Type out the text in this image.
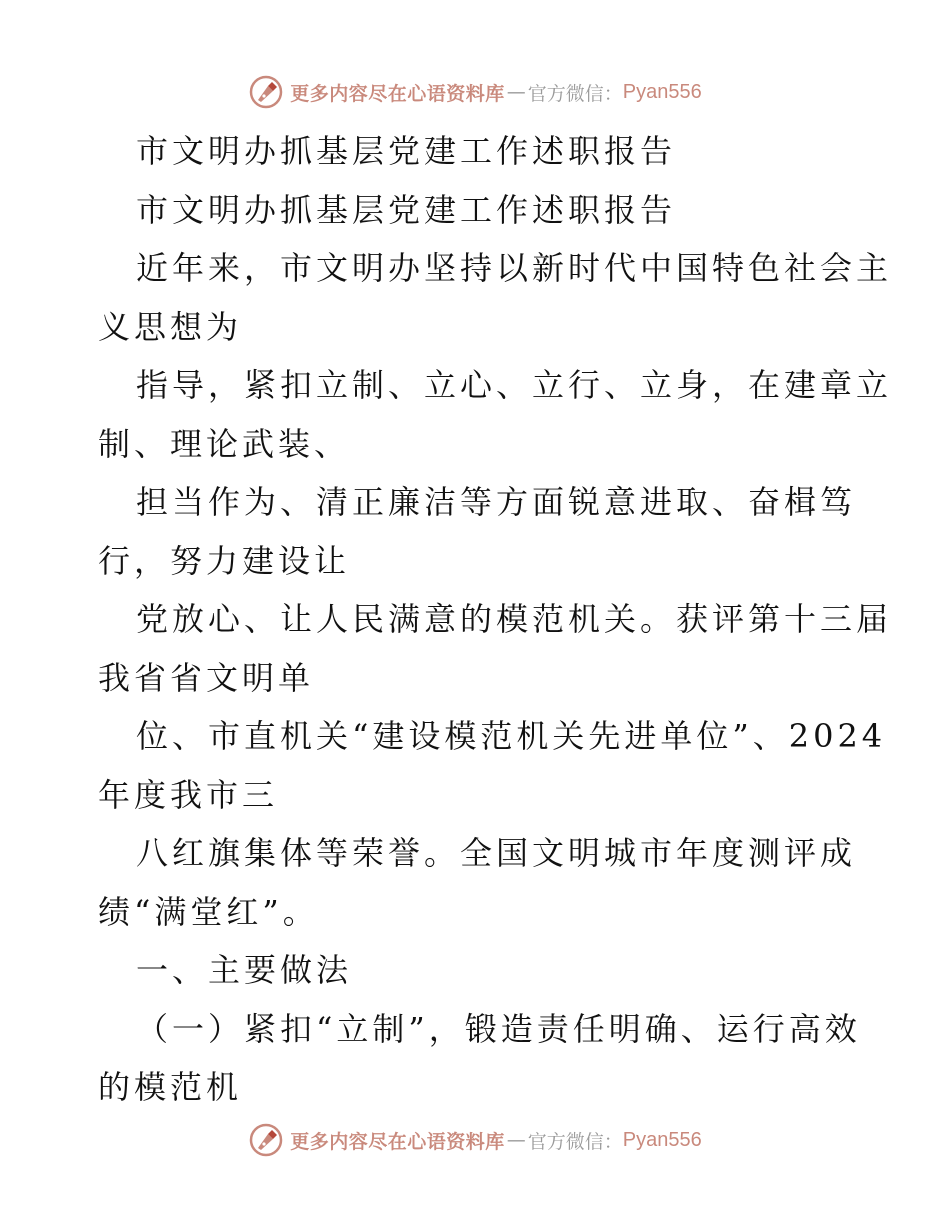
更多内容尽在心语资料库 — 官方微信： Pyan556
市文明办抓基层党建工作述职报告
市文明办抓基层党建工作述职报告
近年来，市文明办坚持以新时代中国特色社会主
义思想为
指导，紧扣立制、立心、立行、立身，在建章立
制、理论武装、
担当作为、清正廉洁等方面锐意进取、奋楫笃
行，努力建设让
党放心、让人民满意的模范机关。获评第十三届
我省省文明单
位、市直机关“建设模范机关先进单位”、2024
年度我市三
八红旗集体等荣誉。全国文明城市年度测评成
绩“满堂红”。
一、主要做法
（一）紧扣“立制”，锻造责任明确、运行高效
的模范机
更多内容尽在心语资料库 — 官方微信： Pyan556
